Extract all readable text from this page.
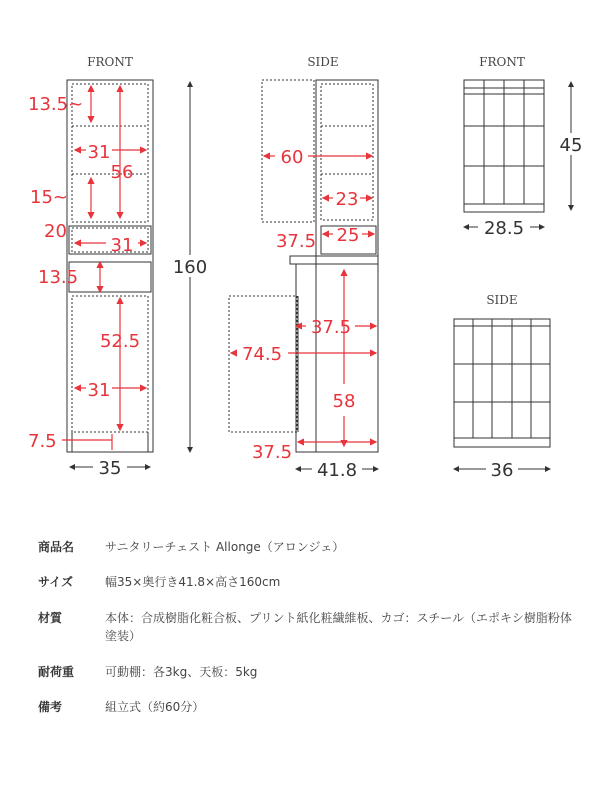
FRONT	SIDE	FRONT
SIDE
13.5~
31
56
15~
20
31
13.5
52.5
31
7.5
35
160
60
23
37.5 25
37.5
74.5
58
37.5
41.8
45
28.5
36
商品名	サニタリーチェスト Allonge（アロンジェ）
サイズ	幅35×奥行き41.8×高さ160cm
材質	本体：合成樹脂化粧合板、プリント紙化粧繊維板、カゴ：スチール（エポキシ樹脂粉体塗装）
耐荷重	可動棚：各3kg、天板：5kg
備考	組立式（約60分）
